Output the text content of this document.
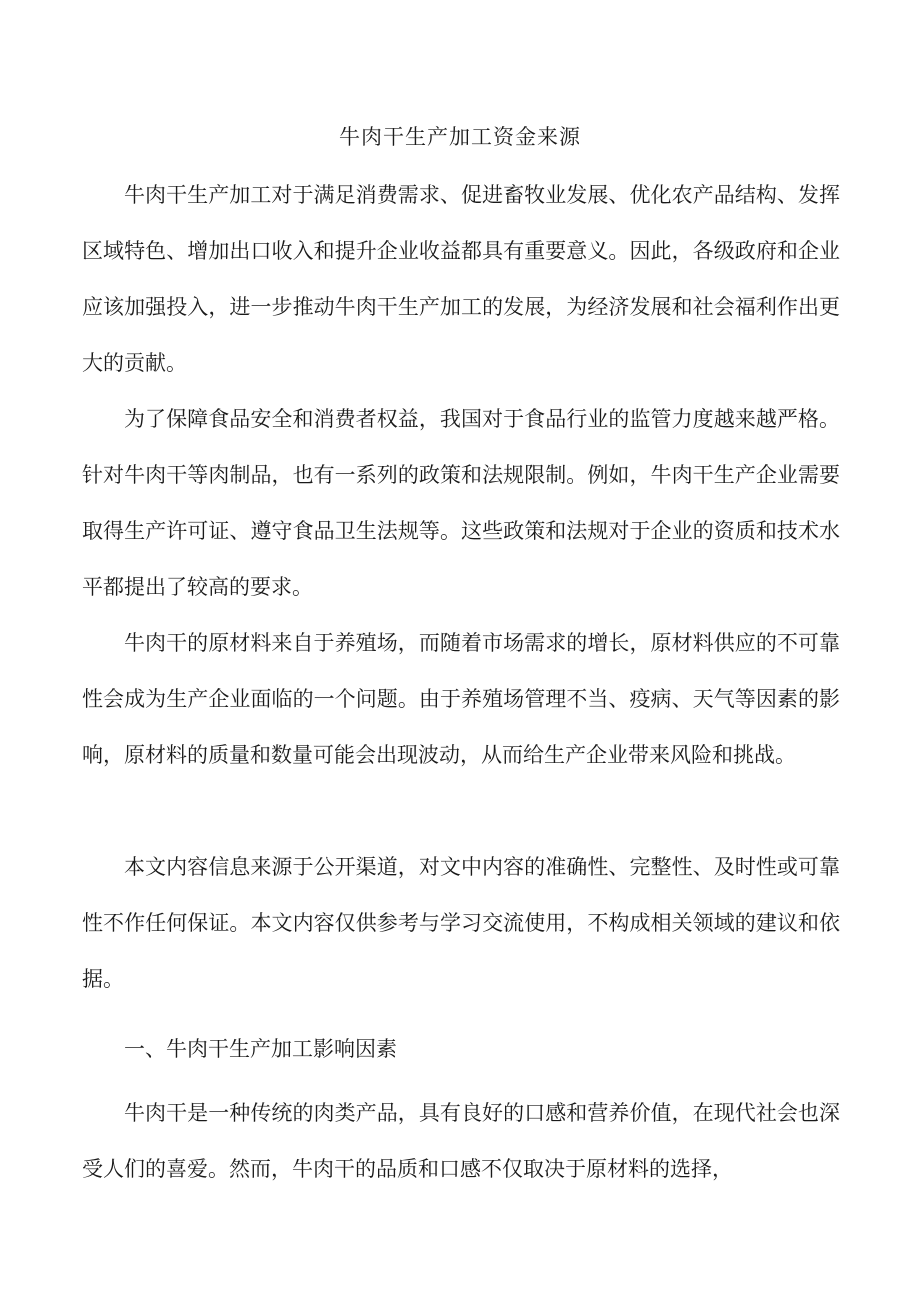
牛肉干生产加工资金来源

牛肉干生产加工对于满足消费需求、促进畜牧业发展、优化农产品结构、发挥区域特色、增加出口收入和提升企业收益都具有重要意义。因此，各级政府和企业应该加强投入，进一步推动牛肉干生产加工的发展，为经济发展和社会福利作出更大的贡献。

为了保障食品安全和消费者权益，我国对于食品行业的监管力度越来越严格。针对牛肉干等肉制品，也有一系列的政策和法规限制。例如，牛肉干生产企业需要取得生产许可证、遵守食品卫生法规等。这些政策和法规对于企业的资质和技术水平都提出了较高的要求。

牛肉干的原材料来自于养殖场，而随着市场需求的增长，原材料供应的不可靠性会成为生产企业面临的一个问题。由于养殖场管理不当、疫病、天气等因素的影响，原材料的质量和数量可能会出现波动，从而给生产企业带来风险和挑战。

本文内容信息来源于公开渠道，对文中内容的准确性、完整性、及时性或可靠性不作任何保证。本文内容仅供参考与学习交流使用，不构成相关领域的建议和依据。

一、牛肉干生产加工影响因素

牛肉干是一种传统的肉类产品，具有良好的口感和营养价值，在现代社会也深受人们的喜爱。然而，牛肉干的品质和口感不仅取决于原材料的选择，
